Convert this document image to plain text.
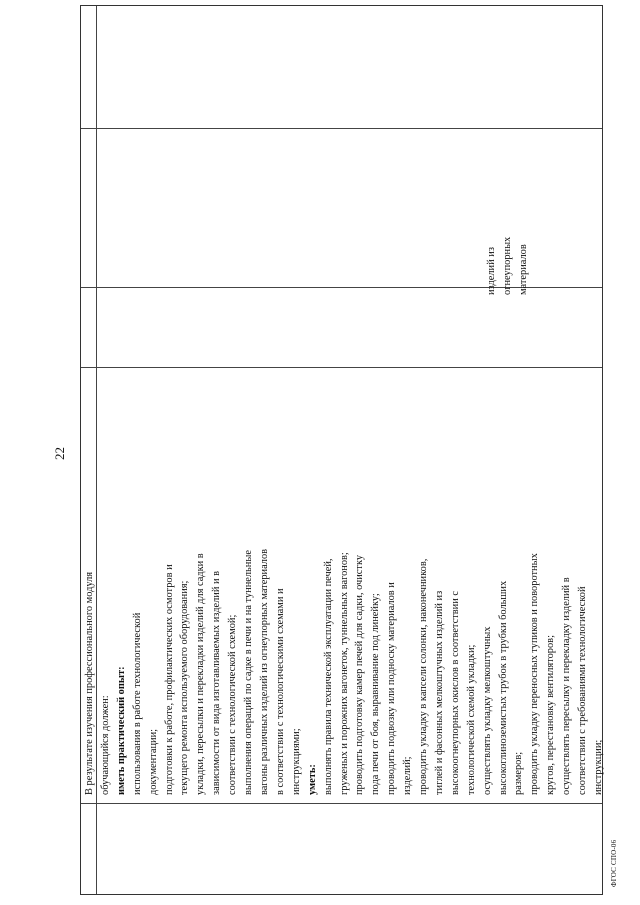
22
В результате изучения профессионального модуля обучающийся должен: иметь практический опыт: использования в работе технологической документации; подготовки к работе, профилактических осмотров и текущего ремонта используемого оборудования; укладки, пересылки и перекладки изделий для садки в зависимости от вида изготавливаемых изделий и в соответствии с технологической схемой; выполнения операций по садке в печи и на туннельные вагоны различных изделий из огнеупорных материалов в соответствии с технологическими схемами и инструкциями; уметь: выполнять правила технической эксплуатации печей, груженых и порожних вагонеток, туннельных вагонов; проводить подготовку камер печей для садки, очистку пода печи от боя, выравнивание под линейку; проводить подвозку или подноску материалов и изделий; проводить укладку в капсели солонки, наконечников, тиглей и фасонных мелкоштучных изделий из высокоогнеупорных окислов в соответствии с технологической схемой укладки; осуществлять укладку мелкоштучных высокоглиноземистых трубок в трубки больших размеров; проводить укладку переносных тупиков и поворотных кругов, перестановку вентиляторов; осуществлять пересылку и перекладку изделий в соответствии с требованиями технологической инструкции;
изделий из огнеупорных материалов
ФГОС СПО-06
